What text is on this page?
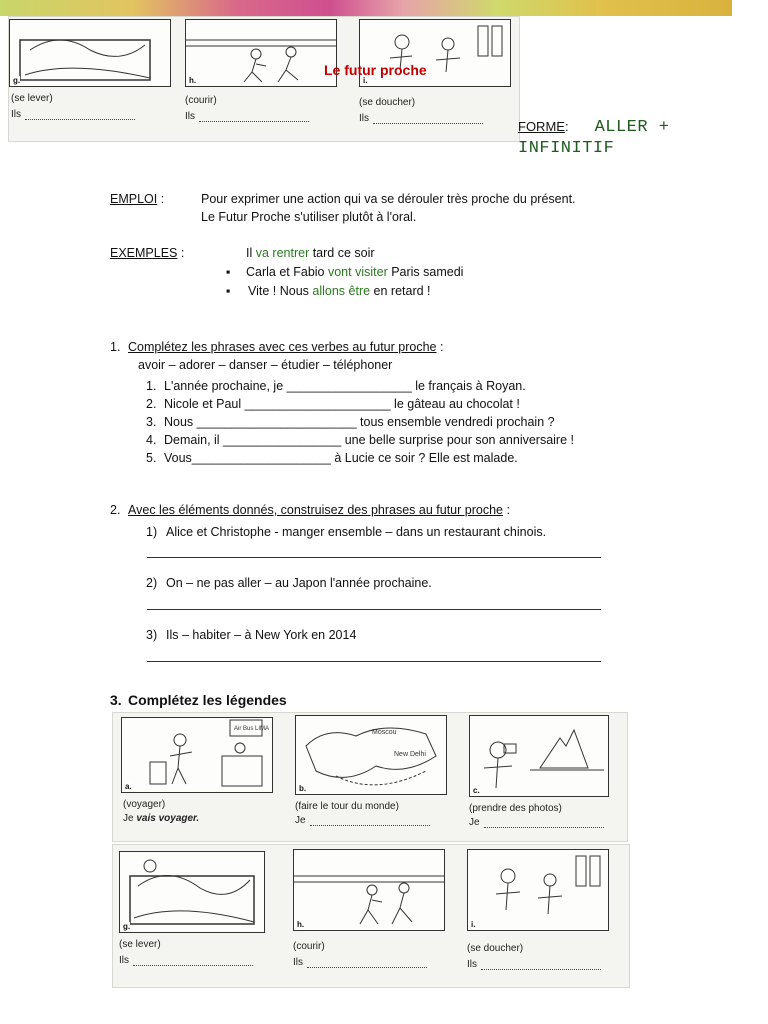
g.
(se lever)
Ils
h.
(courir)
Ils
i.
(se doucher)
Ils
Le futur proche
FORME : ALLER +
INFINITIF
EMPLOI :	Pour exprimer une action qui va se dérouler très proche du présent.
Le Futur Proche s'utiliser plutôt à l'oral.
EXEMPLES :	Il va rentrer tard ce soir
▪ Carla et Fabio vont visiter Paris samedi
▪ Vite ! Nous allons être en retard !
1. Complétez les phrases avec ces verbes au futur proche :
avoir – adorer – danser – étudier – téléphoner
1. L'année prochaine, je __________________ le français à Royan.
2. Nicole et Paul _____________________ le gâteau au chocolat !
3. Nous _______________________ tous ensemble vendredi prochain ?
4. Demain, il _________________ une belle surprise pour son anniversaire !
5. Vous____________________ à Lucie ce soir ? Elle est malade.
2. Avec les éléments donnés, construisez des phrases au futur proche :
1) Alice et Christophe - manger ensemble – dans un restaurant chinois.
2) On – ne pas aller – au Japon l'année prochaine.
3) Ils – habiter – à New York en 2014
3. Complétez les légendes
Air Bus LIMA
a.
Moscou
New Delhi
b.	c.
(voyager)
Je vais voyager.
(faire le tour du monde)
Je
(prendre des photos)
Je
g.	h.	i.
(se lever)
Ils
(courir)
Ils
(se doucher)
Ils
